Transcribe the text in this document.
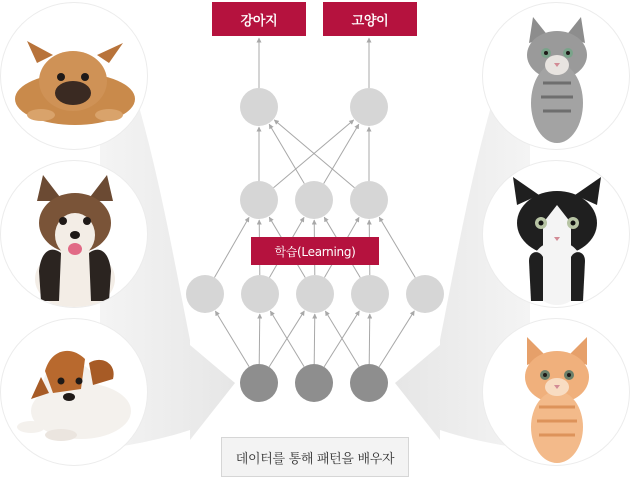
강아지	고양이
학습(Learning)
데이터를 통해 패턴을 배우자
